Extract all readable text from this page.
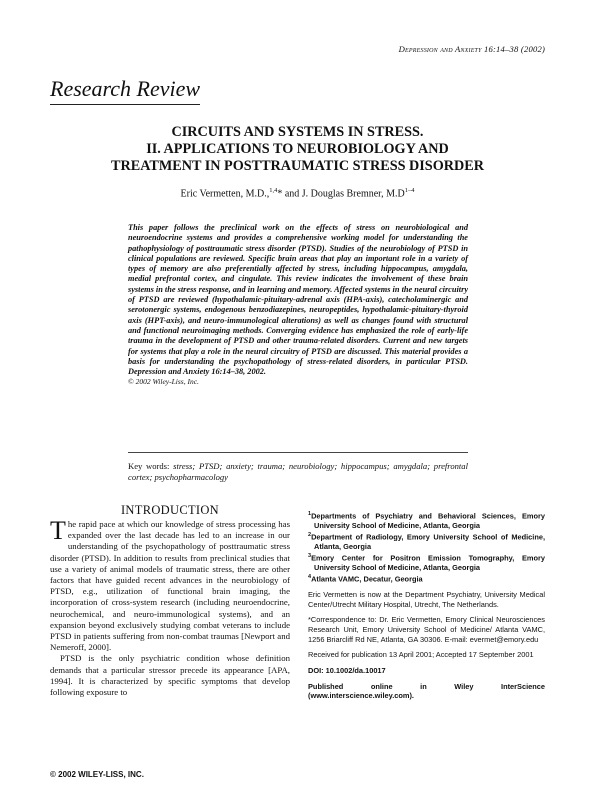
Depression and Anxiety 16:14–38 (2002)
Research Review
CIRCUITS AND SYSTEMS IN STRESS.
II. APPLICATIONS TO NEUROBIOLOGY AND
TREATMENT IN POSTTRAUMATIC STRESS DISORDER
Eric Vermetten, M.D.,$^{1,4}$* and J. Douglas Bremner, $M.D^{1-4}$
This paper follows the preclinical work on the effects of stress on neurobiological and neuroendocrine systems and provides a comprehensive working model for understanding the pathophysiology of posttraumatic stress disorder (PTSD). Studies of the neurobiology of PTSD in clinical populations are reviewed. Specific brain areas that play an important role in a variety of types of memory are also preferentially affected by stress, including hippocampus, amygdala, medial prefrontal cortex, and cingulate. This review indicates the involvement of these brain systems in the stress response, and in learning and memory. Affected systems in the neural circuitry of PTSD are reviewed (hypothalamic-pituitary-adrenal axis (HPA-axis), catecholaminergic and serotonergic systems, endogenous benzodiazepines, neuropeptides, hypothalamic-pituitary-thyroid axis (HPT-axis), and neuro-immunological alterations) as well as changes found with structural and functional neuroimaging methods. Converging evidence has emphasized the role of early-life trauma in the development of PTSD and other trauma-related disorders. Current and new targets for systems that play a role in the neural circuitry of PTSD are discussed. This material provides a basis for understanding the psychopathology of stress-related disorders, in particular PTSD. Depression and Anxiety 16:14–38, 2002.
© 2002 Wiley-Liss, Inc.
Key words: stress; PTSD; anxiety; trauma; neurobiology; hippocampus; amygdala; prefrontal cortex; psychopharmacology
INTRODUCTION

The rapid pace at which our knowledge of stress processing has expanded over the last decade has led to an increase in our understanding of the psychopathology of posttraumatic stress disorder (PTSD). In addition to results from preclinical studies that use a variety of animal models of traumatic stress, there are other factors that have guided recent advances in the neurobiology of PTSD, e.g., utilization of functional brain imaging, the incorporation of cross-system research (including neuroendocrine, neurochemical, and neuro-immunological systems), and an expansion beyond exclusively studying combat veterans to include PTSD in patients suffering from non-combat traumas [Newport and Nemeroff, 2000].

PTSD is the only psychiatric condition whose definition demands that a particular stressor precede its appearance [APA, 1994]. It is characterized by specific symptoms that develop following exposure to

© 2002 WILEY-LISS, INC.

$^1$Departments of Psychiatry and Behavioral Sciences, Emory University School of Medicine, Atlanta, Georgia

$^2$Department of Radiology, Emory University School of Medicine, Atlanta, Georgia

$^3$Emory Center for Positron Emission Tomography, Emory University School of Medicine, Atlanta, Georgia

$^4$Atlanta VAMC, Decatur, Georgia

Eric Vermetten is now at the Department Psychiatry, University Medical Center/Utrecht Military Hospital, Utrecht, The Netherlands.

*Correspondence to: Dr. Eric Vermetten, Emory Clinical Neurosciences Research Unit, Emory University School of Medicine/ Atlanta VAMC, 1256 Briarcliff Rd NE, Atlanta, GA 30306. E-mail: evermet@emory.edu

Received for publication 13 April 2001; Accepted 17 September 2001

DOI: 10.1002/da.10017

Published online in Wiley InterScience (www.interscience.wiley.com).
